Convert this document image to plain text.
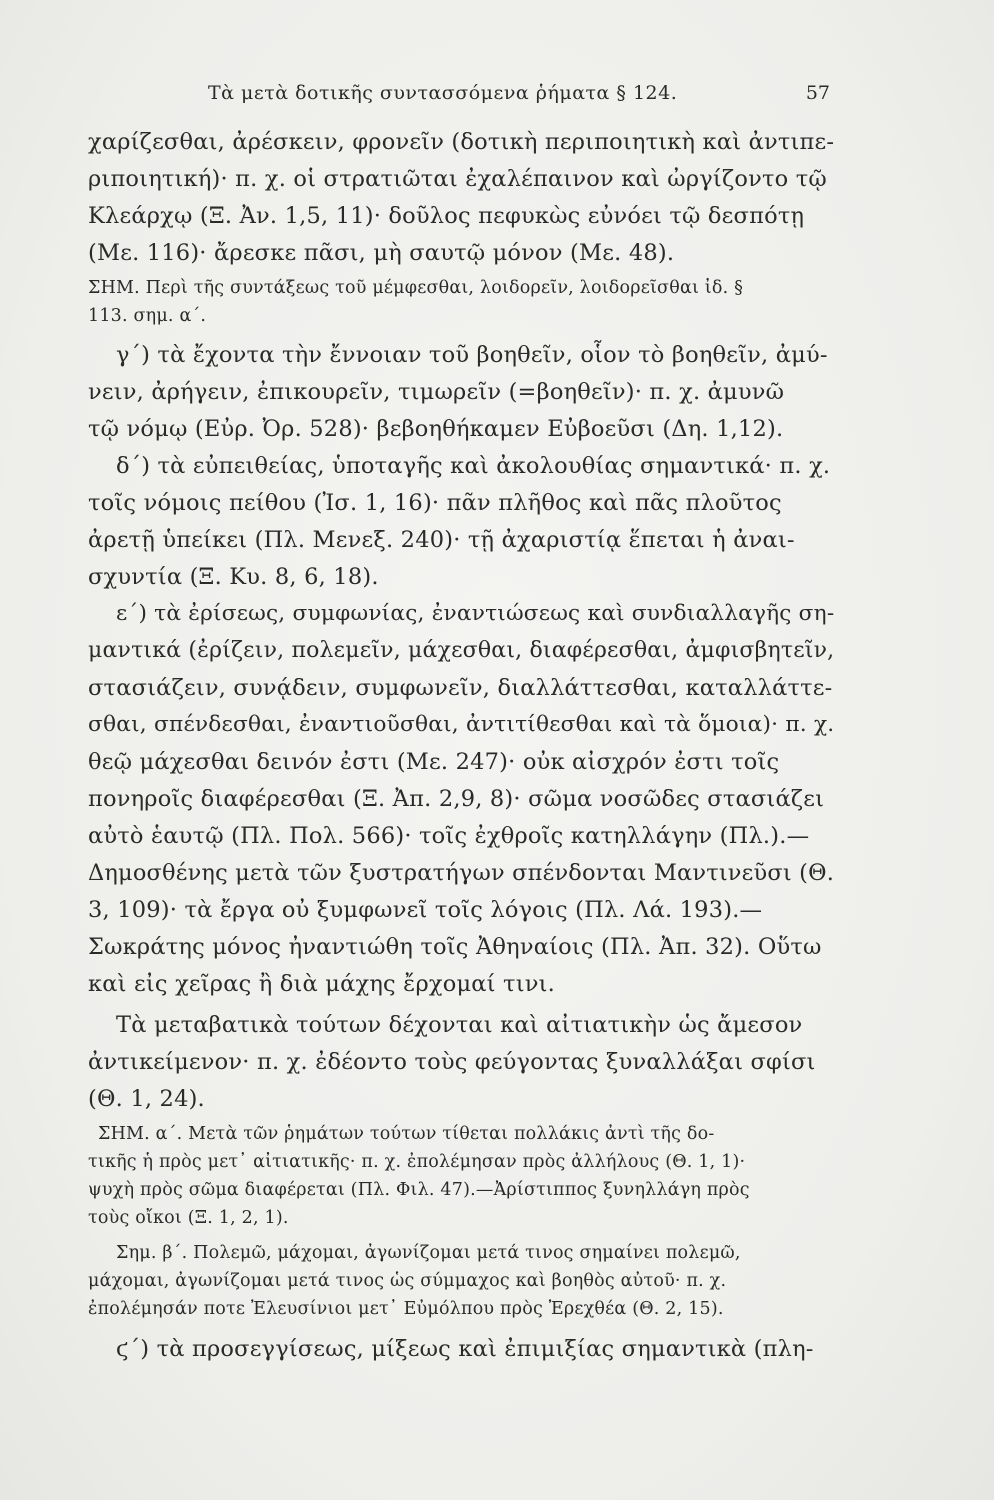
Τὰ μετὰ δοτικῆς συντασσόμενα ῥήματα § 124.	57
χαρίζεσθαι, ἀρέσκειν, φρονεῖν (δοτικὴ περιποιητικὴ καὶ ἀντιπε-
ριποιητική)· π. χ. οἱ στρατιῶται ἐχαλέπαινον καὶ ὠργίζοντο τῷ
Κλεάρχῳ (Ξ. Ἀν. 1,5, 11)· δοῦλος πεφυκὼς εὐνόει τῷ δεσπότῃ
(Με. 116)· ἄρεσκε πᾶσι, μὴ σαυτῷ μόνον (Με. 48).
ΣΗΜ. Περὶ τῆς συντάξεως τοῦ μέμφεσθαι, λοιδορεῖν, λοιδορεῖσθαι ἰδ. §
113. σημ. α΄.
γ΄) τὰ ἔχοντα τὴν ἔννοιαν τοῦ βοηθεῖν, οἷον τὸ βοηθεῖν, ἀμύ-
νειν, ἀρήγειν, ἐπικουρεῖν, τιμωρεῖν (=βοηθεῖν)· π. χ. ἀμυνῶ
τῷ νόμῳ (Εὐρ. Ὀρ. 528)· βεβοηθήκαμεν Εὐβοεῦσι (Δη. 1,12).
δ΄) τὰ εὐπειθείας, ὑποταγῆς καὶ ἀκολουθίας σημαντικά· π. χ.
τοῖς νόμοις πείθου (Ἰσ. 1, 16)· πᾶν πλῆθος καὶ πᾶς πλοῦτος
ἀρετῇ ὑπείκει (Πλ. Μενεξ. 240)· τῇ ἀχαριστίᾳ ἕπεται ἡ ἀναι-
σχυντία (Ξ. Κυ. 8, 6, 18).
ε΄) τὰ ἐρίσεως, συμφωνίας, ἐναντιώσεως καὶ συνδιαλλαγῆς ση-
μαντικά (ἐρίζειν, πολεμεῖν, μάχεσθαι, διαφέρεσθαι, ἀμφισβητεῖν,
στασιάζειν, συνᾴδειν, συμφωνεῖν, διαλλάττεσθαι, καταλλάττε-
σθαι, σπένδεσθαι, ἐναντιοῦσθαι, ἀντιτίθεσθαι καὶ τὰ ὅμοια)· π. χ.
θεῷ μάχεσθαι δεινόν ἐστι (Με. 247)· οὐκ αἰσχρόν ἐστι τοῖς
πονηροῖς διαφέρεσθαι (Ξ. Ἀπ. 2,9, 8)· σῶμα νοσῶδες στασιάζει
αὐτὸ ἑαυτῷ (Πλ. Πολ. 566)· τοῖς ἐχθροῖς κατηλλάγην (Πλ.).—
Δημοσθένης μετὰ τῶν ξυστρατήγων σπένδονται Μαντινεῦσι (Θ.
3, 109)· τὰ ἔργα οὐ ξυμφωνεῖ τοῖς λόγοις (Πλ. Λά. 193).—
Σωκράτης μόνος ἠναντιώθη τοῖς Ἀθηναίοις (Πλ. Ἀπ. 32). Οὕτω
καὶ εἰς χεῖρας ἢ διὰ μάχης ἔρχομαί τινι.
Τὰ μεταβατικὰ τούτων δέχονται καὶ αἰτιατικὴν ὡς ἄμεσον
ἀντικείμενον· π. χ. ἐδέοντο τοὺς φεύγοντας ξυναλλάξαι σφίσι
(Θ. 1, 24).
ΣΗΜ. α΄. Μετὰ τῶν ῥημάτων τούτων τίθεται πολλάκις ἀντὶ τῆς δο-
τικῆς ἡ πρὸς μετ᾽ αἰτιατικῆς· π. χ. ἐπολέμησαν πρὸς ἀλλήλους (Θ. 1, 1)·
ψυχὴ πρὸς σῶμα διαφέρεται (Πλ. Φιλ. 47).—Ἀρίστιππος ξυνηλλάγη πρὸς
τοὺς οἴκοι (Ξ. 1, 2, 1).
Σημ. β΄. Πολεμῶ, μάχομαι, ἀγωνίζομαι μετά τινος σημαίνει πολεμῶ,
μάχομαι, ἀγωνίζομαι μετά τινος ὡς σύμμαχος καὶ βοηθὸς αὐτοῦ· π. χ.
ἐπολέμησάν ποτε Ἐλευσίνιοι μετ᾽ Εὐμόλπου πρὸς Ἐρεχθέα (Θ. 2, 15).
ϛ΄) τὰ προσεγγίσεως, μίξεως καὶ ἐπιμιξίας σημαντικὰ (πλη-
